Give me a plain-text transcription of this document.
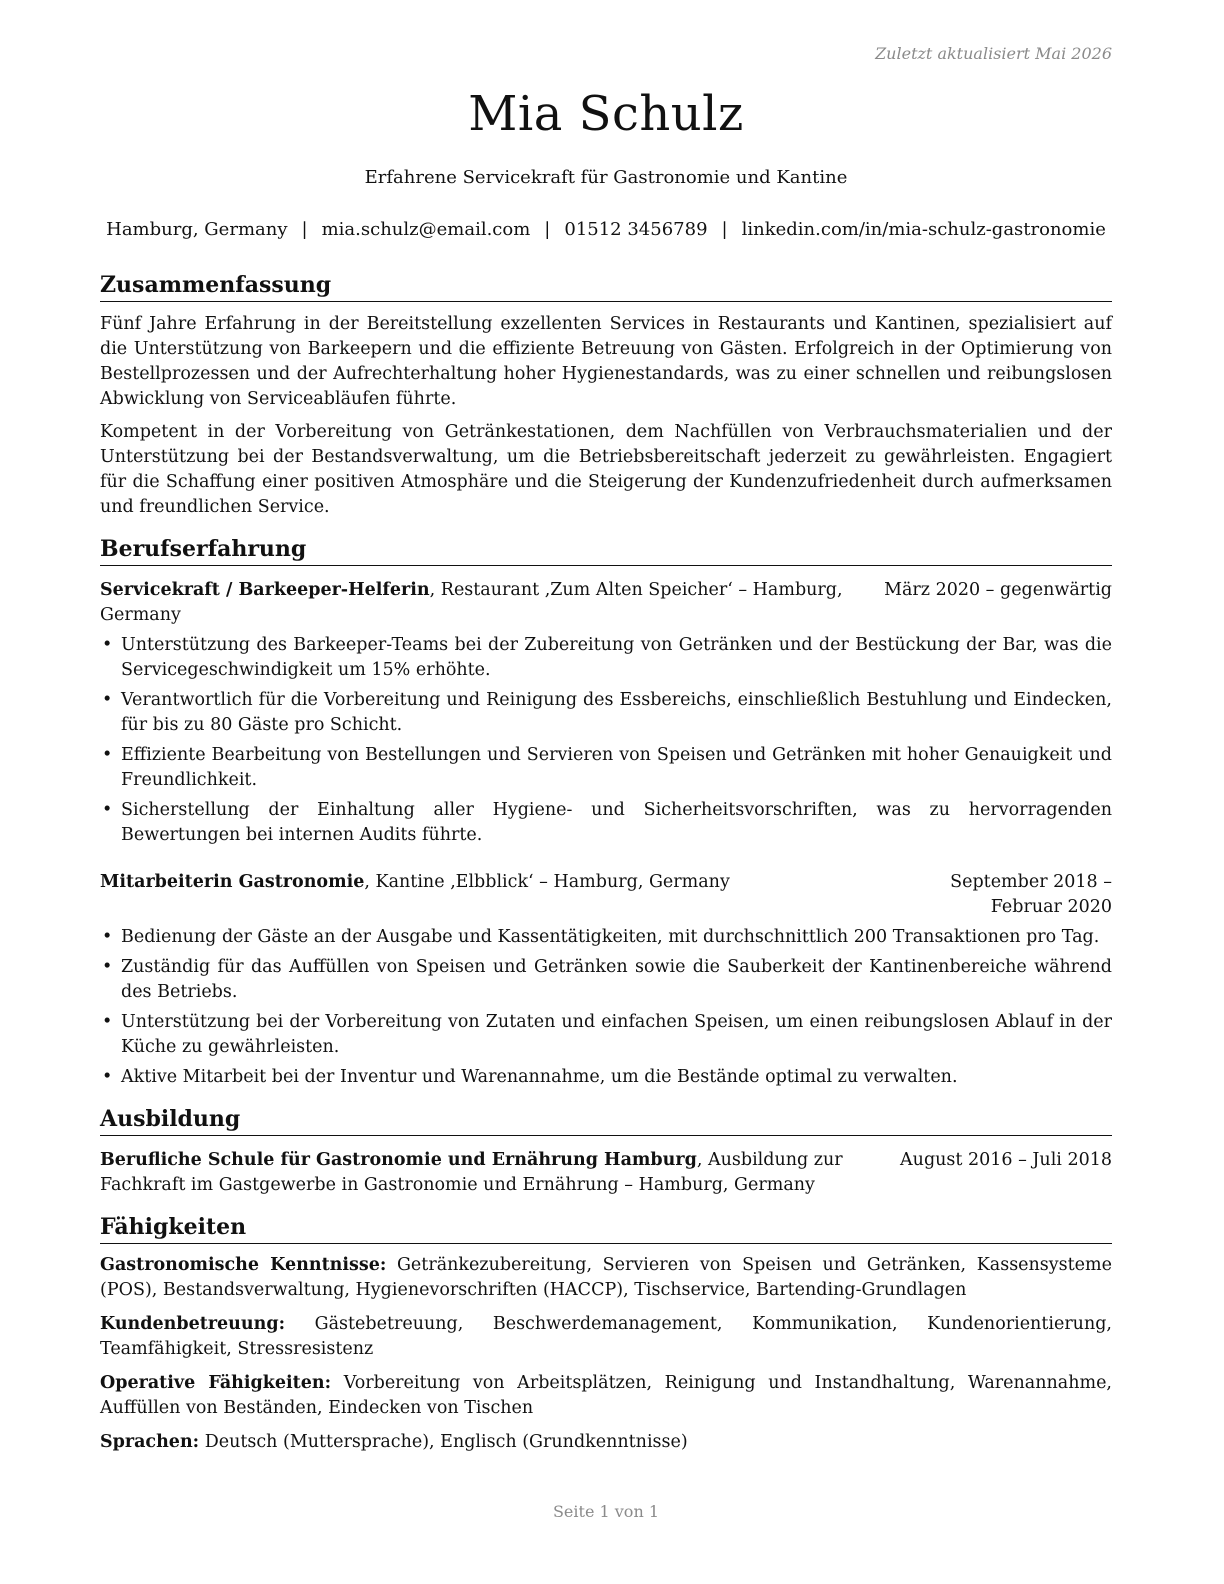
Zuletzt aktualisiert Mai 2026
Mia Schulz
Erfahrene Servicekraft für Gastronomie und Kantine
Hamburg, Germany | mia.schulz@email.com | 01512 3456789 | linkedin.com/in/mia-schulz-gastronomie
Zusammenfassung

Fünf Jahre Erfahrung in der Bereitstellung exzellenten Services in Restaurants und Kantinen, spezialisiert auf die Unterstützung von Barkeepern und die effiziente Betreuung von Gästen. Erfolgreich in der Optimierung von Bestellprozessen und der Aufrechterhaltung hoher Hygienestandards, was zu einer schnellen und reibungslosen Abwicklung von Serviceabläufen führte.

Kompetent in der Vorbereitung von Getränkestationen, dem Nachfüllen von Verbrauchsmaterialien und der Unterstützung bei der Bestandsverwaltung, um die Betriebsbereitschaft jederzeit zu gewährleisten. Engagiert für die Schaffung einer positiven Atmosphäre und die Steigerung der Kundenzufriedenheit durch aufmerksamen und freundlichen Service.

Berufserfahrung
Servicekraft / Barkeeper-Helferin, Restaurant ‚Zum Alten Speicher‘ – Hamburg, Germany
März 2020 – gegenwärtig
• Unterstützung des Barkeeper-Teams bei der Zubereitung von Getränken und der Bestückung der Bar, was die Servicegeschwindigkeit um 15% erhöhte.
• Verantwortlich für die Vorbereitung und Reinigung des Essbereichs, einschließlich Bestuhlung und Eindecken, für bis zu 80 Gäste pro Schicht.
• Effiziente Bearbeitung von Bestellungen und Servieren von Speisen und Getränken mit hoher Genauigkeit und Freundlichkeit.
• Sicherstellung der Einhaltung aller Hygiene- und Sicherheitsvorschriften, was zu hervorragenden Bewertungen bei internen Audits führte.
Mitarbeiterin Gastronomie, Kantine ‚Elbblick‘ – Hamburg, Germany	September 2018 – Februar 2020
• Bedienung der Gäste an der Ausgabe und Kassentätigkeiten, mit durchschnittlich 200 Transaktionen pro Tag.
• Zuständig für das Auffüllen von Speisen und Getränken sowie die Sauberkeit der Kantinenbereiche während des Betriebs.
• Unterstützung bei der Vorbereitung von Zutaten und einfachen Speisen, um einen reibungslosen Ablauf in der Küche zu gewährleisten.
• Aktive Mitarbeit bei der Inventur und Warenannahme, um die Bestände optimal zu verwalten.
Ausbildung
Berufliche Schule für Gastronomie und Ernährung Hamburg, Ausbildung zur Fachkraft im Gastgewerbe in Gastronomie und Ernährung – Hamburg, Germany
August 2016 – Juli 2018
Fähigkeiten
Gastronomische Kenntnisse: Getränkezubereitung, Servieren von Speisen und Getränken, Kassensysteme (POS), Bestandsverwaltung, Hygienevorschriften (HACCP), Tischservice, Bartending-Grundlagen
Kundenbetreuung: Gästebetreuung, Beschwerdemanagement, Kommunikation, Kundenorientierung, Teamfähigkeit, Stressresistenz
Operative Fähigkeiten: Vorbereitung von Arbeitsplätzen, Reinigung und Instandhaltung, Warenannahme, Auffüllen von Beständen, Eindecken von Tischen
Sprachen: Deutsch (Muttersprache), Englisch (Grundkenntnisse)
Seite 1 von 1
